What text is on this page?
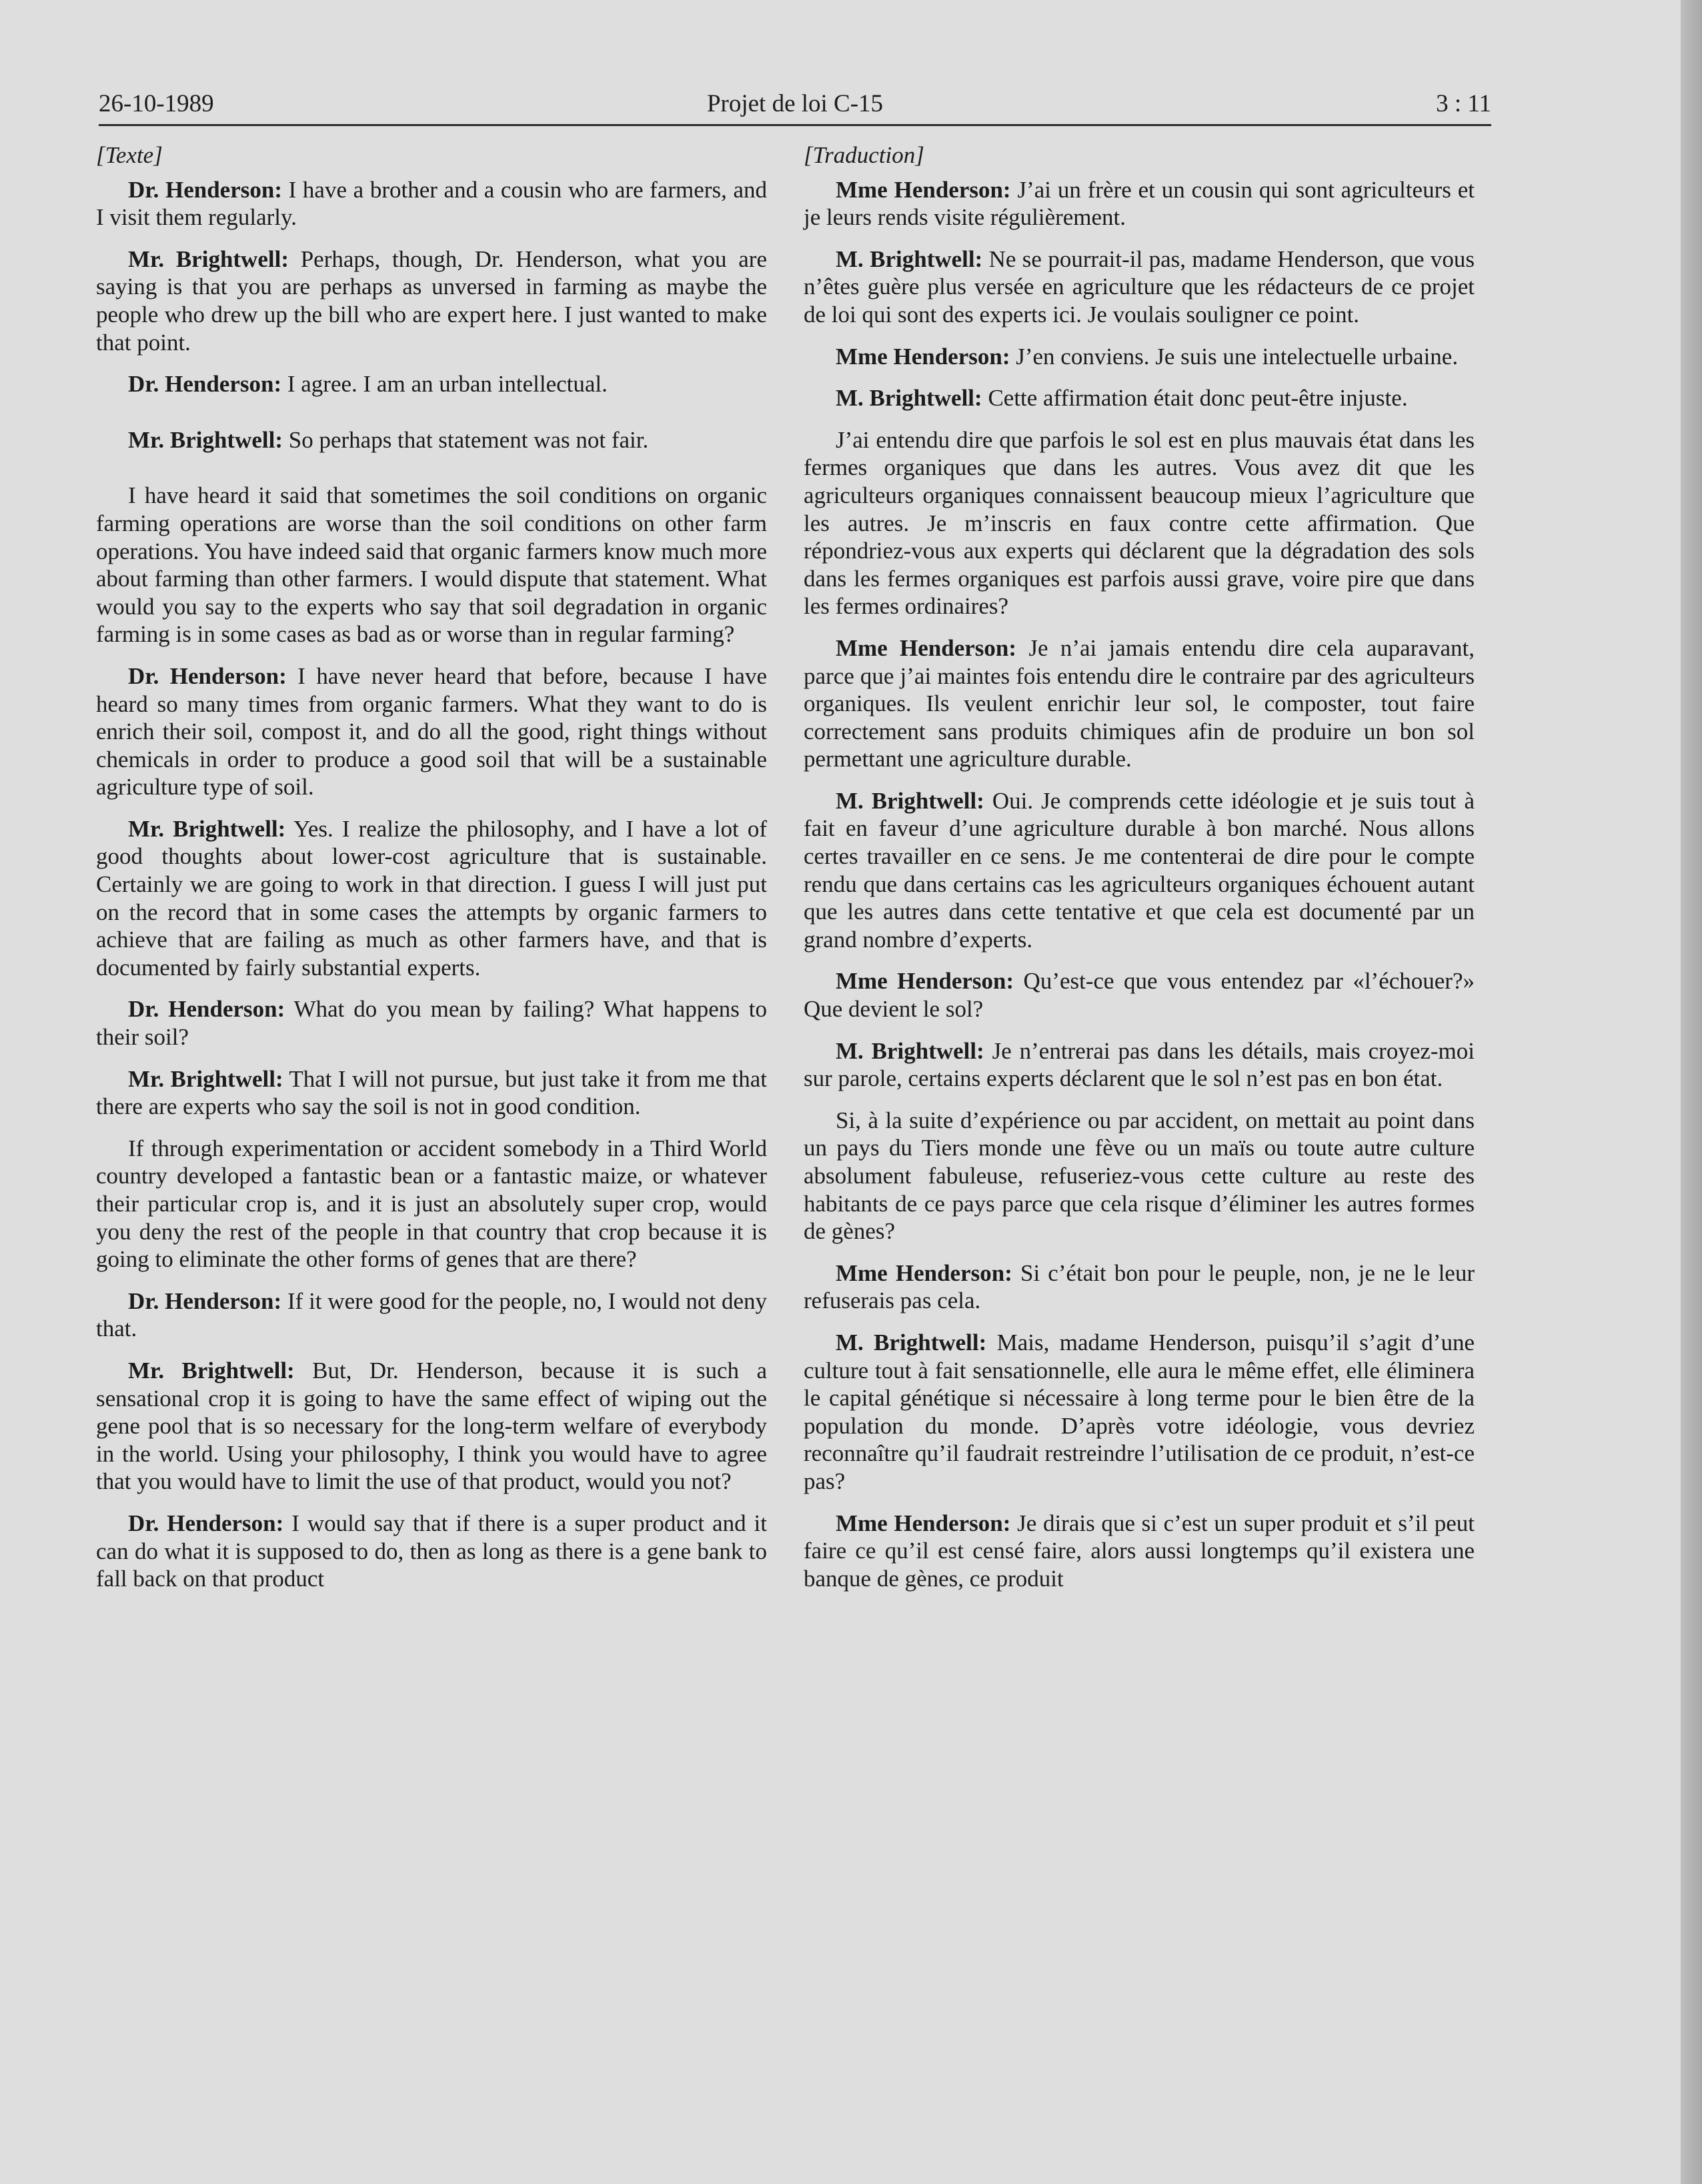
26-10-1989	Projet de loi C-15	3 : 11
[Texte]

Dr. Henderson: I have a brother and a cousin who are farmers, and I visit them regularly.

Mr. Brightwell: Perhaps, though, Dr. Henderson, what you are saying is that you are perhaps as unversed in farming as maybe the people who drew up the bill who are expert here. I just wanted to make that point.

Dr. Henderson: I agree. I am an urban intellectual.

Mr. Brightwell: So perhaps that statement was not fair.

I have heard it said that sometimes the soil conditions on organic farming operations are worse than the soil conditions on other farm operations. You have indeed said that organic farmers know much more about farming than other farmers. I would dispute that statement. What would you say to the experts who say that soil degradation in organic farming is in some cases as bad as or worse than in regular farming?

Dr. Henderson: I have never heard that before, because I have heard so many times from organic farmers. What they want to do is enrich their soil, compost it, and do all the good, right things without chemicals in order to produce a good soil that will be a sustainable agriculture type of soil.

Mr. Brightwell: Yes. I realize the philosophy, and I have a lot of good thoughts about lower-cost agriculture that is sustainable. Certainly we are going to work in that direction. I guess I will just put on the record that in some cases the attempts by organic farmers to achieve that are failing as much as other farmers have, and that is documented by fairly substantial experts.

Dr. Henderson: What do you mean by failing? What happens to their soil?

Mr. Brightwell: That I will not pursue, but just take it from me that there are experts who say the soil is not in good condition.

If through experimentation or accident somebody in a Third World country developed a fantastic bean or a fantastic maize, or whatever their particular crop is, and it is just an absolutely super crop, would you deny the rest of the people in that country that crop because it is going to eliminate the other forms of genes that are there?

Dr. Henderson: If it were good for the people, no, I would not deny that.

Mr. Brightwell: But, Dr. Henderson, because it is such a sensational crop it is going to have the same effect of wiping out the gene pool that is so necessary for the long-term welfare of everybody in the world. Using your philosophy, I think you would have to agree that you would have to limit the use of that product, would you not?

Dr. Henderson: I would say that if there is a super product and it can do what it is supposed to do, then as long as there is a gene bank to fall back on that product

[Traduction]

Mme Henderson: J’ai un frère et un cousin qui sont agriculteurs et je leurs rends visite régulièrement.

M. Brightwell: Ne se pourrait-il pas, madame Henderson, que vous n’êtes guère plus versée en agriculture que les rédacteurs de ce projet de loi qui sont des experts ici. Je voulais souligner ce point.

Mme Henderson: J’en conviens. Je suis une intelectuelle urbaine.

M. Brightwell: Cette affirmation était donc peut-être injuste.

J’ai entendu dire que parfois le sol est en plus mauvais état dans les fermes organiques que dans les autres. Vous avez dit que les agriculteurs organiques connaissent beaucoup mieux l’agriculture que les autres. Je m’inscris en faux contre cette affirmation. Que répondriez-vous aux experts qui déclarent que la dégradation des sols dans les fermes organiques est parfois aussi grave, voire pire que dans les fermes ordinaires?

Mme Henderson: Je n’ai jamais entendu dire cela auparavant, parce que j’ai maintes fois entendu dire le contraire par des agriculteurs organiques. Ils veulent enrichir leur sol, le composter, tout faire correctement sans produits chimiques afin de produire un bon sol permettant une agriculture durable.

M. Brightwell: Oui. Je comprends cette idéologie et je suis tout à fait en faveur d’une agriculture durable à bon marché. Nous allons certes travailler en ce sens. Je me contenterai de dire pour le compte rendu que dans certains cas les agriculteurs organiques échouent autant que les autres dans cette tentative et que cela est documenté par un grand nombre d’experts.

Mme Henderson: Qu’est-ce que vous entendez par «l’échouer?» Que devient le sol?

M. Brightwell: Je n’entrerai pas dans les détails, mais croyez-moi sur parole, certains experts déclarent que le sol n’est pas en bon état.

Si, à la suite d’expérience ou par accident, on mettait au point dans un pays du Tiers monde une fève ou un maïs ou toute autre culture absolument fabuleuse, refuseriez-vous cette culture au reste des habitants de ce pays parce que cela risque d’éliminer les autres formes de gènes?

Mme Henderson: Si c’était bon pour le peuple, non, je ne le leur refuserais pas cela.

M. Brightwell: Mais, madame Henderson, puisqu’il s’agit d’une culture tout à fait sensationnelle, elle aura le même effet, elle éliminera le capital génétique si nécessaire à long terme pour le bien être de la population du monde. D’après votre idéologie, vous devriez reconnaître qu’il faudrait restreindre l’utilisation de ce produit, n’est-ce pas?

Mme Henderson: Je dirais que si c’est un super produit et s’il peut faire ce qu’il est censé faire, alors aussi longtemps qu’il existera une banque de gènes, ce produit
